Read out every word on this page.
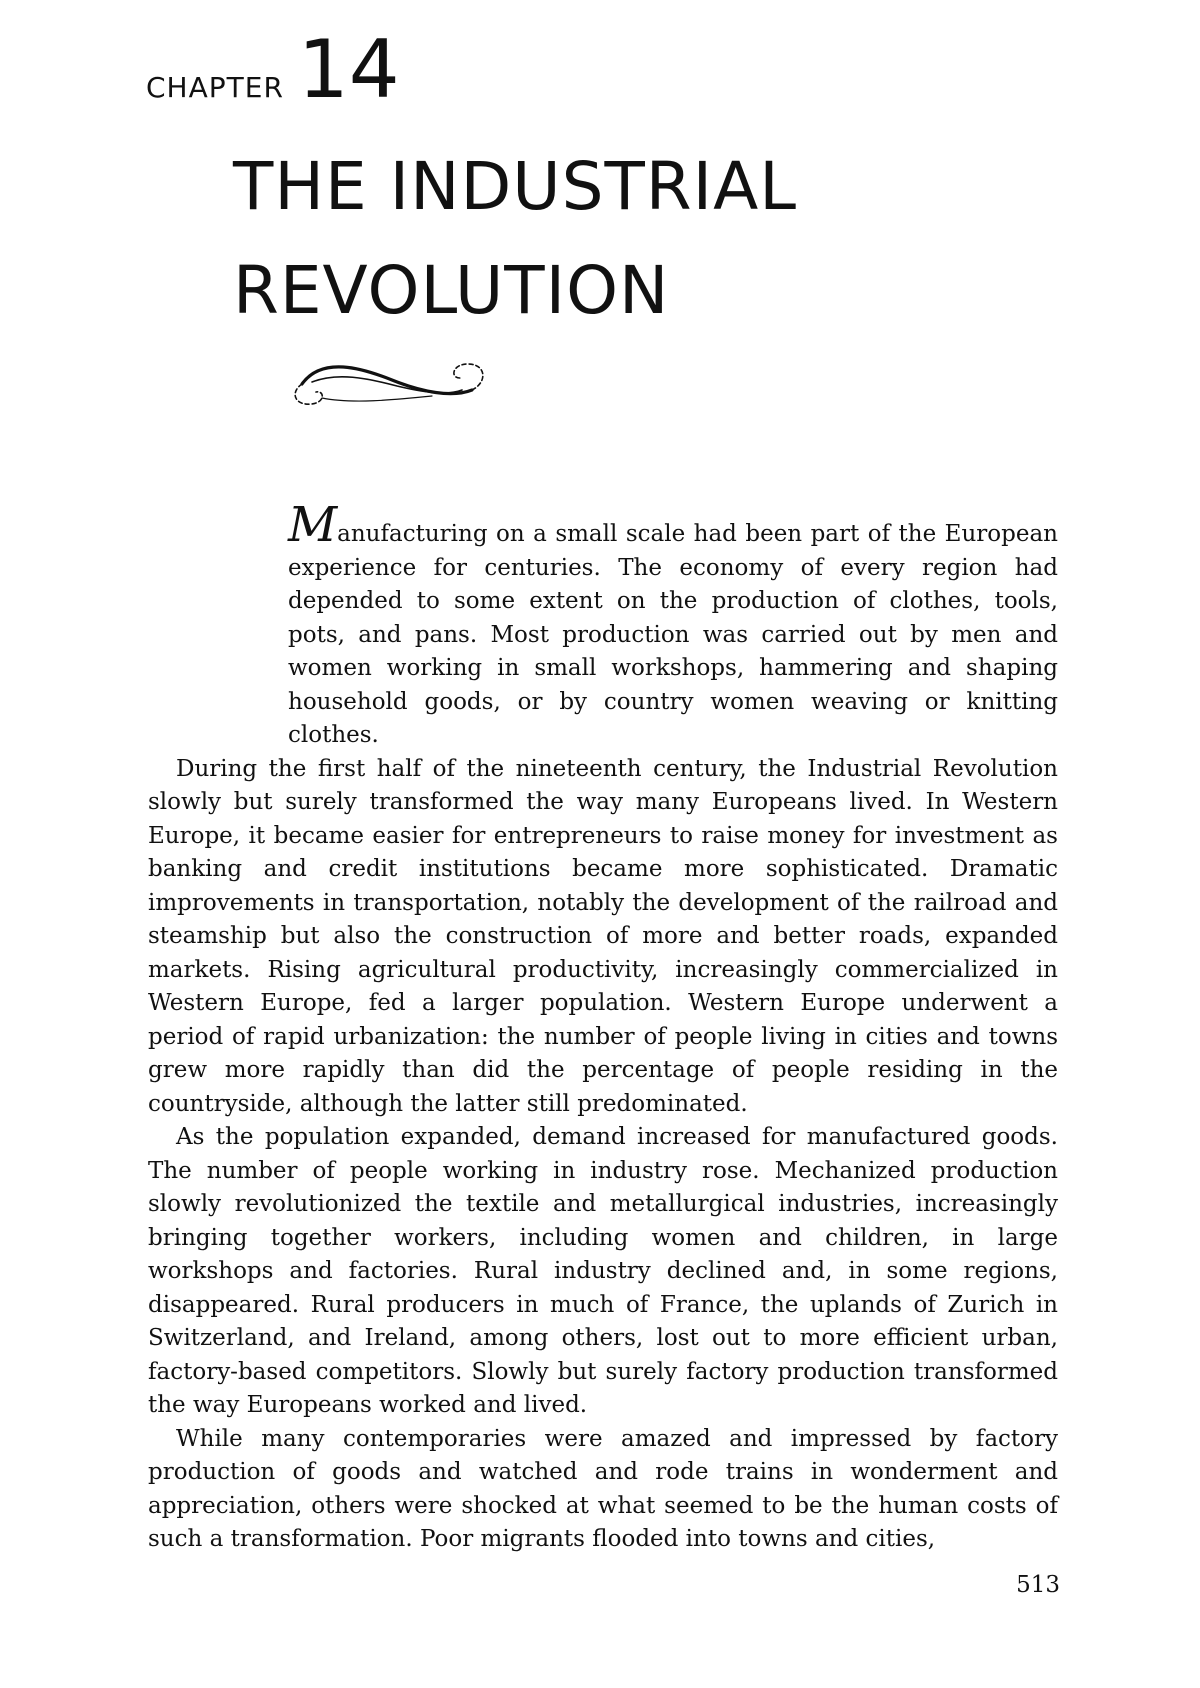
CHAPTER 14
THE INDUSTRIAL
REVOLUTION

Manufacturing on a small scale had been part of the European experience for centuries. The economy of every region had depended to some extent on the production of clothes, tools, pots, and pans. Most production was carried out by men and women working in small workshops, hammering and shaping household goods, or by country women weaving or knitting clothes.

During the first half of the nineteenth century, the Industrial Revolution slowly but surely transformed the way many Europeans lived. In Western Europe, it became easier for entrepreneurs to raise money for investment as banking and credit institutions became more sophisticated. Dramatic improvements in transportation, notably the development of the railroad and steamship but also the construction of more and better roads, expanded markets. Rising agricultural productivity, increasingly commercialized in Western Europe, fed a larger population. Western Europe underwent a period of rapid urbanization: the number of people living in cities and towns grew more rapidly than did the percentage of people residing in the countryside, although the latter still predominated.

As the population expanded, demand increased for manufactured goods. The number of people working in industry rose. Mechanized production slowly revolutionized the textile and metallurgical industries, increasingly bringing together workers, including women and children, in large workshops and factories. Rural industry declined and, in some regions, disappeared. Rural producers in much of France, the uplands of Zurich in Switzerland, and Ireland, among others, lost out to more efficient urban, factory-based competitors. Slowly but surely factory production transformed the way Europeans worked and lived.

While many contemporaries were amazed and impressed by factory production of goods and watched and rode trains in wonderment and appreciation, others were shocked at what seemed to be the human costs of such a transformation. Poor migrants flooded into towns and cities,

513
